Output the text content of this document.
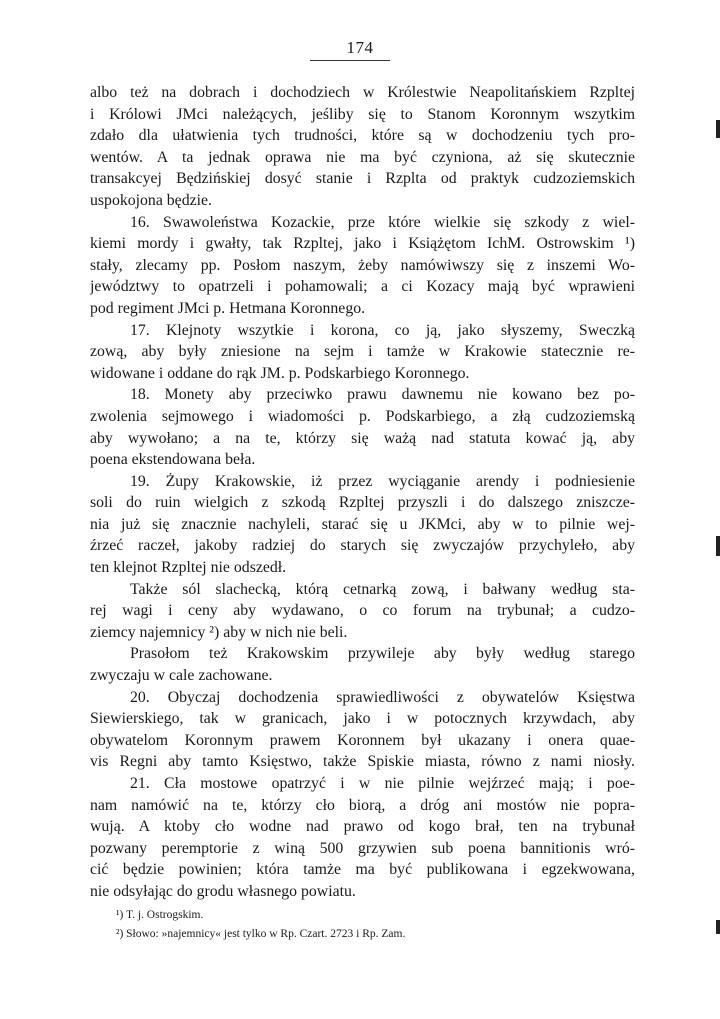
174
albo też na dobrach i dochodziech w Królestwie Neapolitańskiem Rzpltej
i Królowi JMci należących, jeśliby się to Stanom Koronnym wszytkim
zdało dla ułatwienia tych trudności, które są w dochodzeniu tych pro-
wentów. A ta jednak oprawa nie ma być czyniona, aż się skutecznie
transakcyej Będzińskiej dosyć stanie i Rzplta od praktyk cudzoziemskich
uspokojona będzie.
16. Swawoleństwa Kozackie, prze które wielkie się szkody z wiel-
kiemi mordy i gwałty, tak Rzpltej, jako i Książętom IchM. Ostrowskim ¹)
stały, zlecamy pp. Posłom naszym, żeby namówiwszy się z inszemi Wo-
jewództwy to opatrzeli i pohamowali; a ci Kozacy mają być wprawieni
pod regiment JMci p. Hetmana Koronnego.
17. Klejnoty wszytkie i korona, co ją, jako słyszemy, Sweczką
zową, aby były zniesione na sejm i tamże w Krakowie statecznie re-
widowane i oddane do rąk JM. p. Podskarbiego Koronnego.
18. Monety aby przeciwko prawu dawnemu nie kowano bez po-
zwolenia sejmowego i wiadomości p. Podskarbiego, a złą cudzoziemską
aby wywołano; a na te, którzy się ważą nad statuta kować ją, aby
poena ekstendowana beła.
19. Żupy Krakowskie, iż przez wyciąganie arendy i podniesienie
soli do ruin wielgich z szkodą Rzpltej przyszli i do dalszego zniszcze-
nia już się znacznie nachyleli, starać się u JKMci, aby w to pilnie wej-
źrzeć raczeł, jakoby radziej do starych się zwyczajów przychyleło, aby
ten klejnot Rzpltej nie odszedł.
Także sól slachecką, którą cetnarką zową, i bałwany według sta-
rej wagi i ceny aby wydawano, o co forum na trybunał; a cudzo-
ziemcy najemnicy ²) aby w nich nie beli.
Prasołom też Krakowskim przywileje aby były według starego
zwyczaju w cale zachowane.
20. Obyczaj dochodzenia sprawiedliwości z obywatelów Księstwa
Siewierskiego, tak w granicach, jako i w potocznych krzywdach, aby
obywatelom Koronnym prawem Koronnem był ukazany i onera quae-
vis Regni aby tamto Księstwo, także Spiskie miasta, równo z nami niosły.
21. Cła mostowe opatrzyć i w nie pilnie wejźrzeć mają; i poe-
nam namówić na te, którzy cło biorą, a dróg ani mostów nie popra-
wują. A ktoby cło wodne nad prawo od kogo brał, ten na trybunał
pozwany peremptorie z winą 500 grzywien sub poena bannitionis wró-
cić będzie powinien; która tamże ma być publikowana i egzekwowana,
nie odsyłając do grodu własnego powiatu.
¹) T. j. Ostrogskim.
²) Słowo: »najemnicy« jest tylko w Rp. Czart. 2723 i Rp. Zam.
